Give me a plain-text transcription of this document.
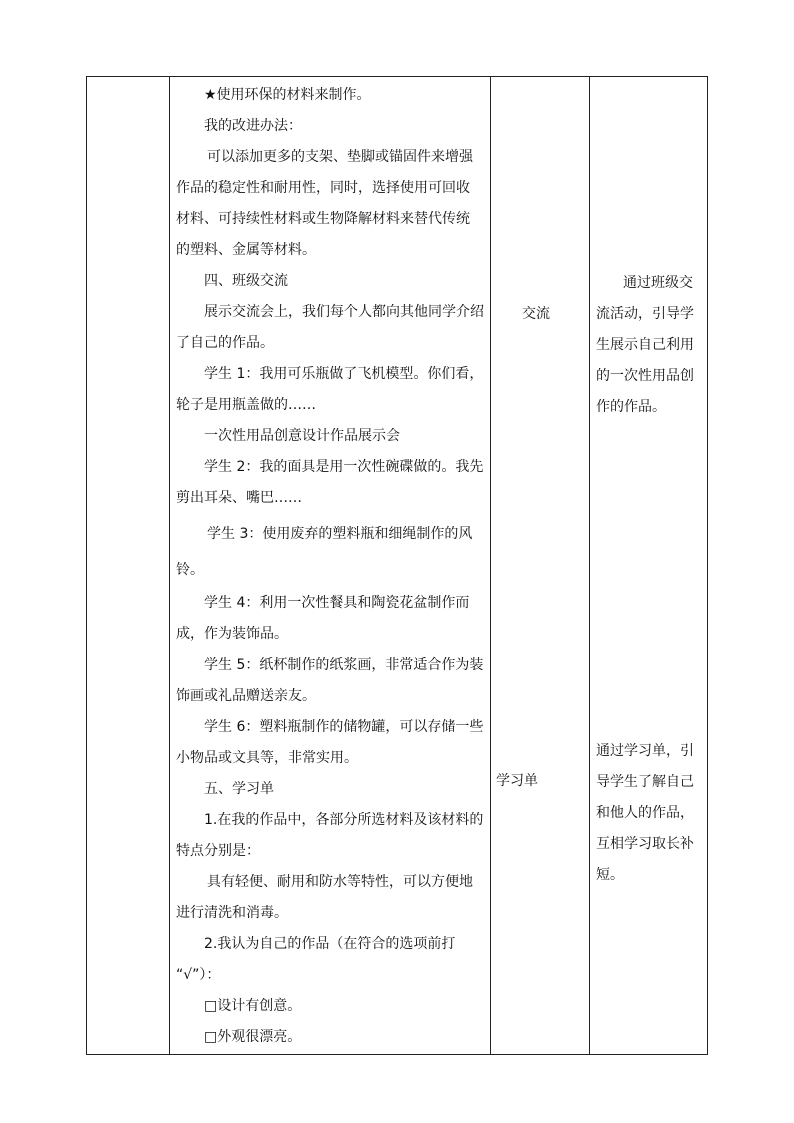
★使用环保的材料来制作。
我的改进办法：
可以添加更多的支架、垫脚或锚固件来增强
作品的稳定性和耐用性，同时，选择使用可回收
材料、可持续性材料或生物降解材料来替代传统
的塑料、金属等材料。
四、班级交流
展示交流会上，我们每个人都向其他同学介绍
了自己的作品。
学生 1：我用可乐瓶做了飞机模型。你们看，
轮子是用瓶盖做的……
一次性用品创意设计作品展示会
学生 2：我的面具是用一次性碗碟做的。我先
剪出耳朵、嘴巴……
学生 3：使用废弃的塑料瓶和细绳制作的风
铃。
学生 4：利用一次性餐具和陶瓷花盆制作而
成，作为装饰品。
学生 5：纸杯制作的纸浆画，非常适合作为装
饰画或礼品赠送亲友。
学生 6：塑料瓶制作的储物罐，可以存储一些
小物品或文具等，非常实用。
五、学习单
1.在我的作品中，各部分所选材料及该材料的
特点分别是：
具有轻便、耐用和防水等特性，可以方便地
进行清洗和消毒。
2.我认为自己的作品（在符合的选项前打
“√”）：
□设计有创意。
□外观很漂亮。
交流
学习单
通过班级交
流活动，引导学
生展示自己利用
的一次性用品创
作的作品。
通过学习单，引
导学生了解自己
和他人的作品，
互相学习取长补
短。
